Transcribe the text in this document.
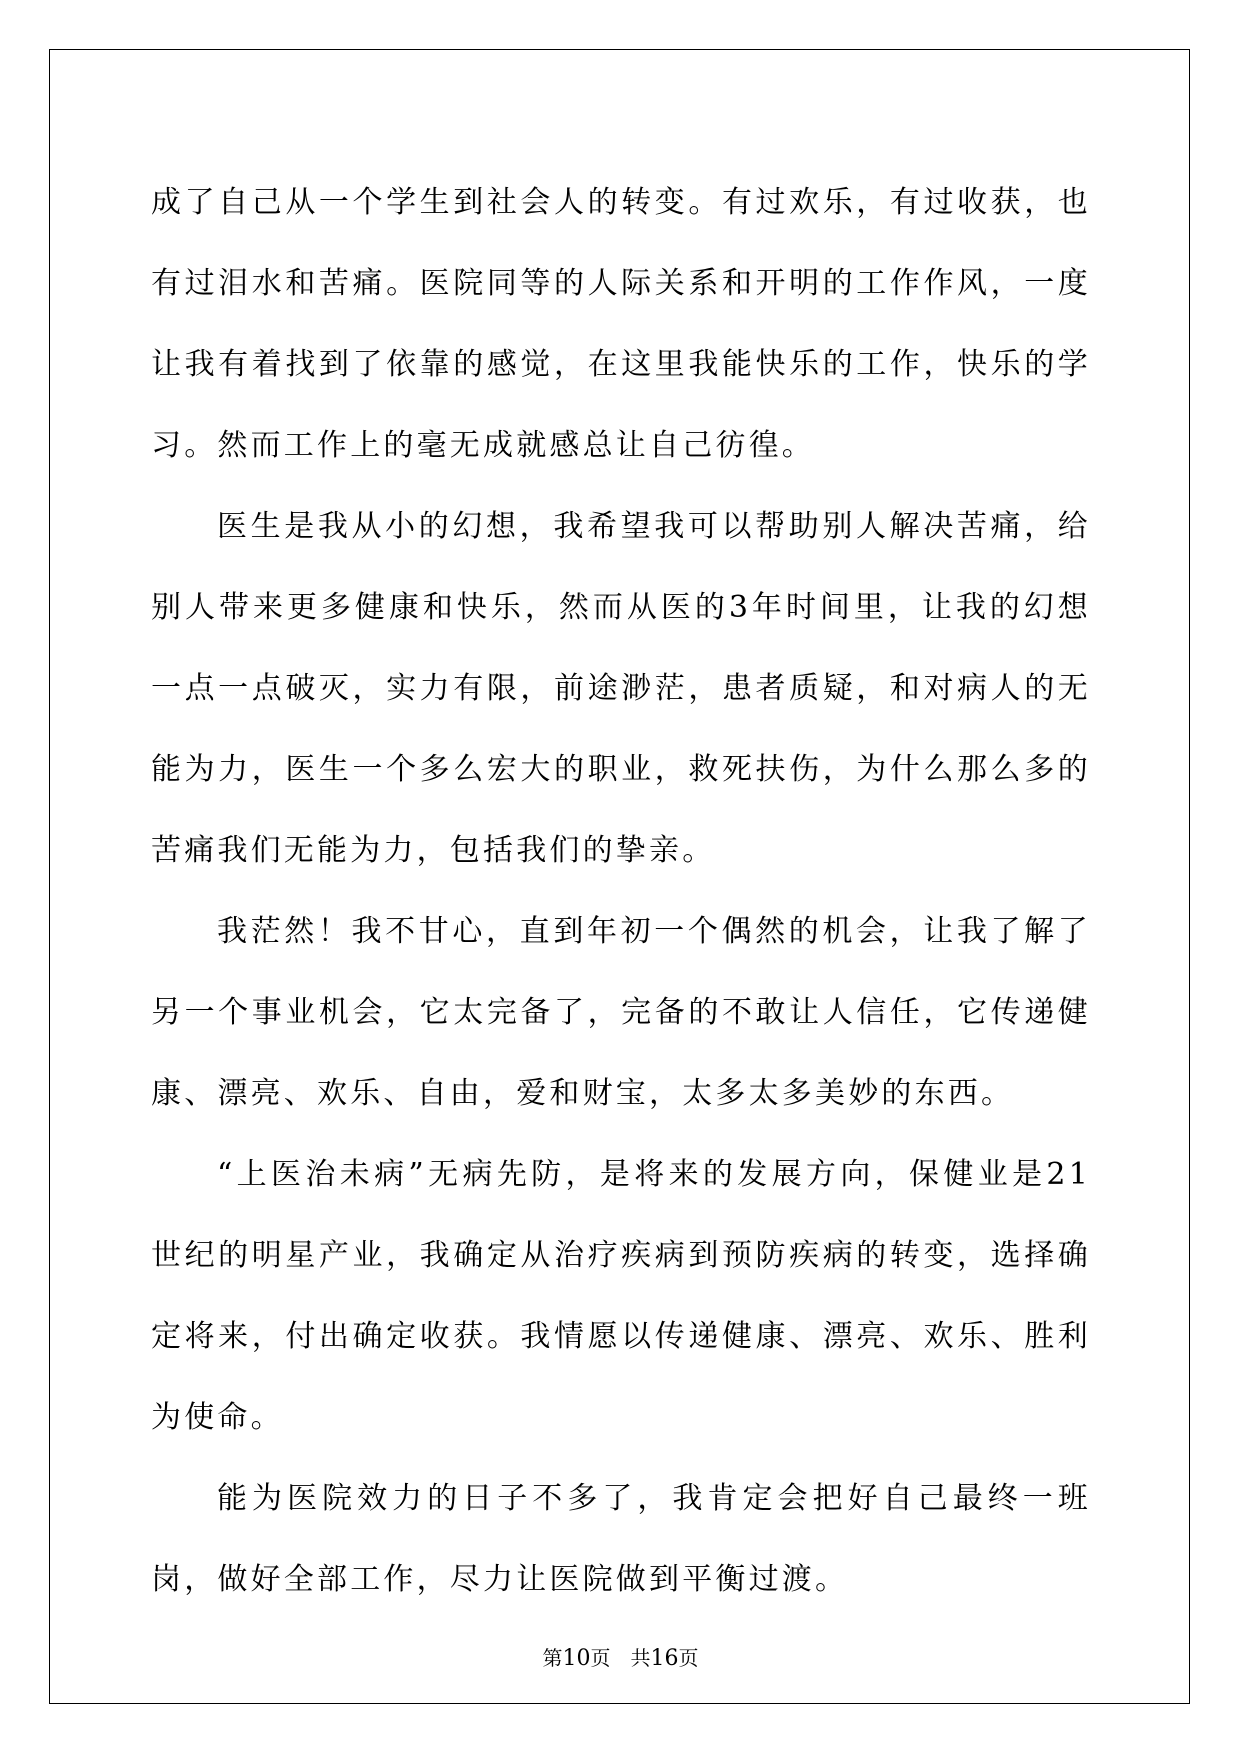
成了自己从一个学生到社会人的转变。有过欢乐，有过收获，也有过泪水和苦痛。医院同等的人际关系和开明的工作作风，一度让我有着找到了依靠的感觉，在这里我能快乐的工作，快乐的学习。然而工作上的毫无成就感总让自己彷徨。

医生是我从小的幻想，我希望我可以帮助别人解决苦痛，给别人带来更多健康和快乐，然而从医的3年时间里，让我的幻想一点一点破灭，实力有限，前途渺茫，患者质疑，和对病人的无能为力，医生一个多么宏大的职业，救死扶伤，为什么那么多的苦痛我们无能为力，包括我们的挚亲。

我茫然！我不甘心，直到年初一个偶然的机会，让我了解了另一个事业机会，它太完备了，完备的不敢让人信任，它传递健康、漂亮、欢乐、自由，爱和财宝，太多太多美妙的东西。

“上医治未病”无病先防，是将来的发展方向，保健业是21世纪的明星产业，我确定从治疗疾病到预防疾病的转变，选择确定将来，付出确定收获。我情愿以传递健康、漂亮、欢乐、胜利为使命。

能为医院效力的日子不多了，我肯定会把好自己最终一班岗，做好全部工作，尽力让医院做到平衡过渡。

第10页　共16页
